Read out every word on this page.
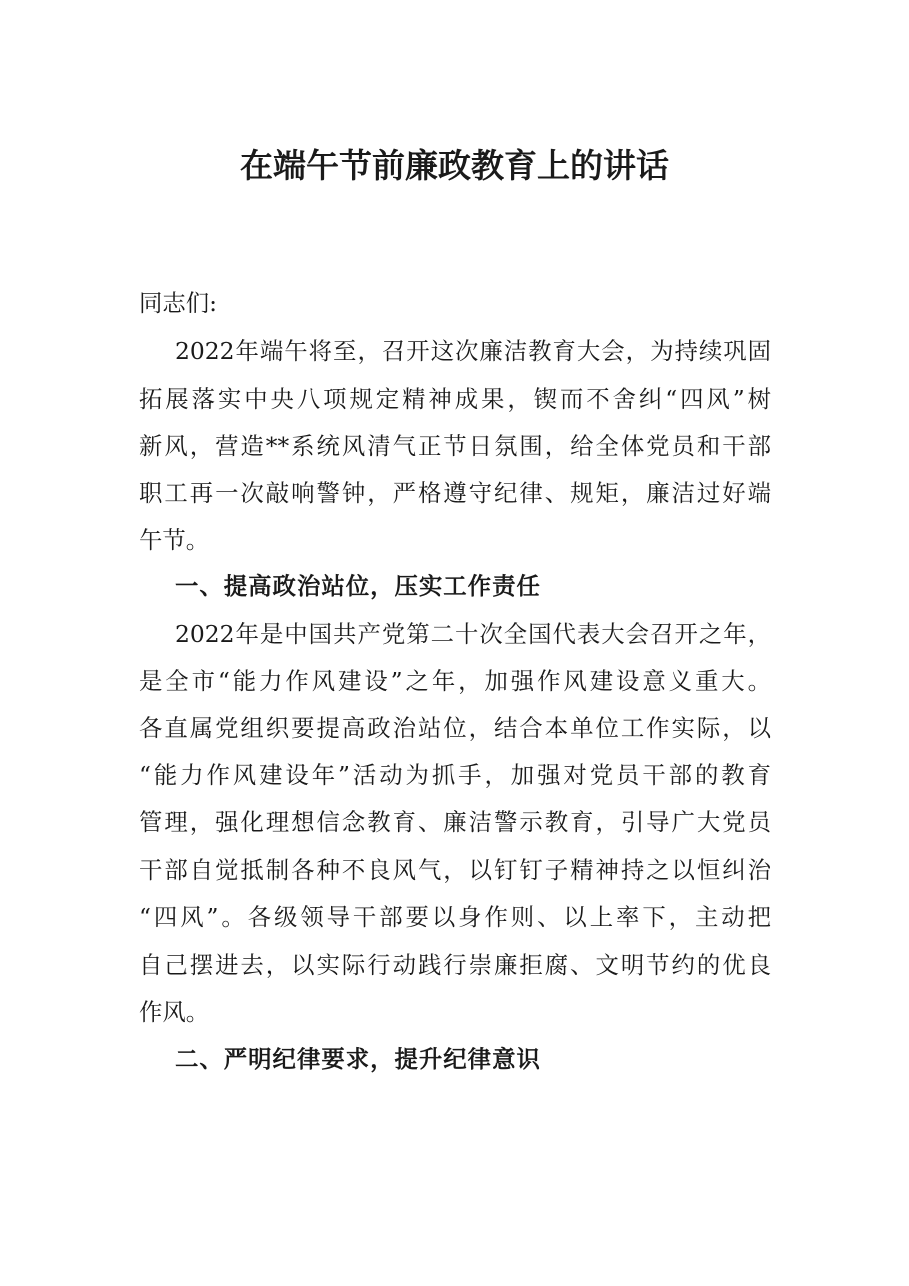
在端午节前廉政教育上的讲话
同志们:
2022年端午将至，召开这次廉洁教育大会，为持续巩固
拓展落实中央八项规定精神成果，锲而不舍纠“四风”树
新风，营造**系统风清气正节日氛围，给全体党员和干部
职工再一次敲响警钟，严格遵守纪律、规矩，廉洁过好端
午节。
一、提高政治站位，压实工作责任
2022年是中国共产党第二十次全国代表大会召开之年，
是全市“能力作风建设”之年，加强作风建设意义重大。
各直属党组织要提高政治站位，结合本单位工作实际，以
“能力作风建设年”活动为抓手，加强对党员干部的教育
管理，强化理想信念教育、廉洁警示教育，引导广大党员
干部自觉抵制各种不良风气，以钉钉子精神持之以恒纠治
“四风”。各级领导干部要以身作则、以上率下，主动把
自己摆进去，以实际行动践行崇廉拒腐、文明节约的优良
作风。
二、严明纪律要求，提升纪律意识
